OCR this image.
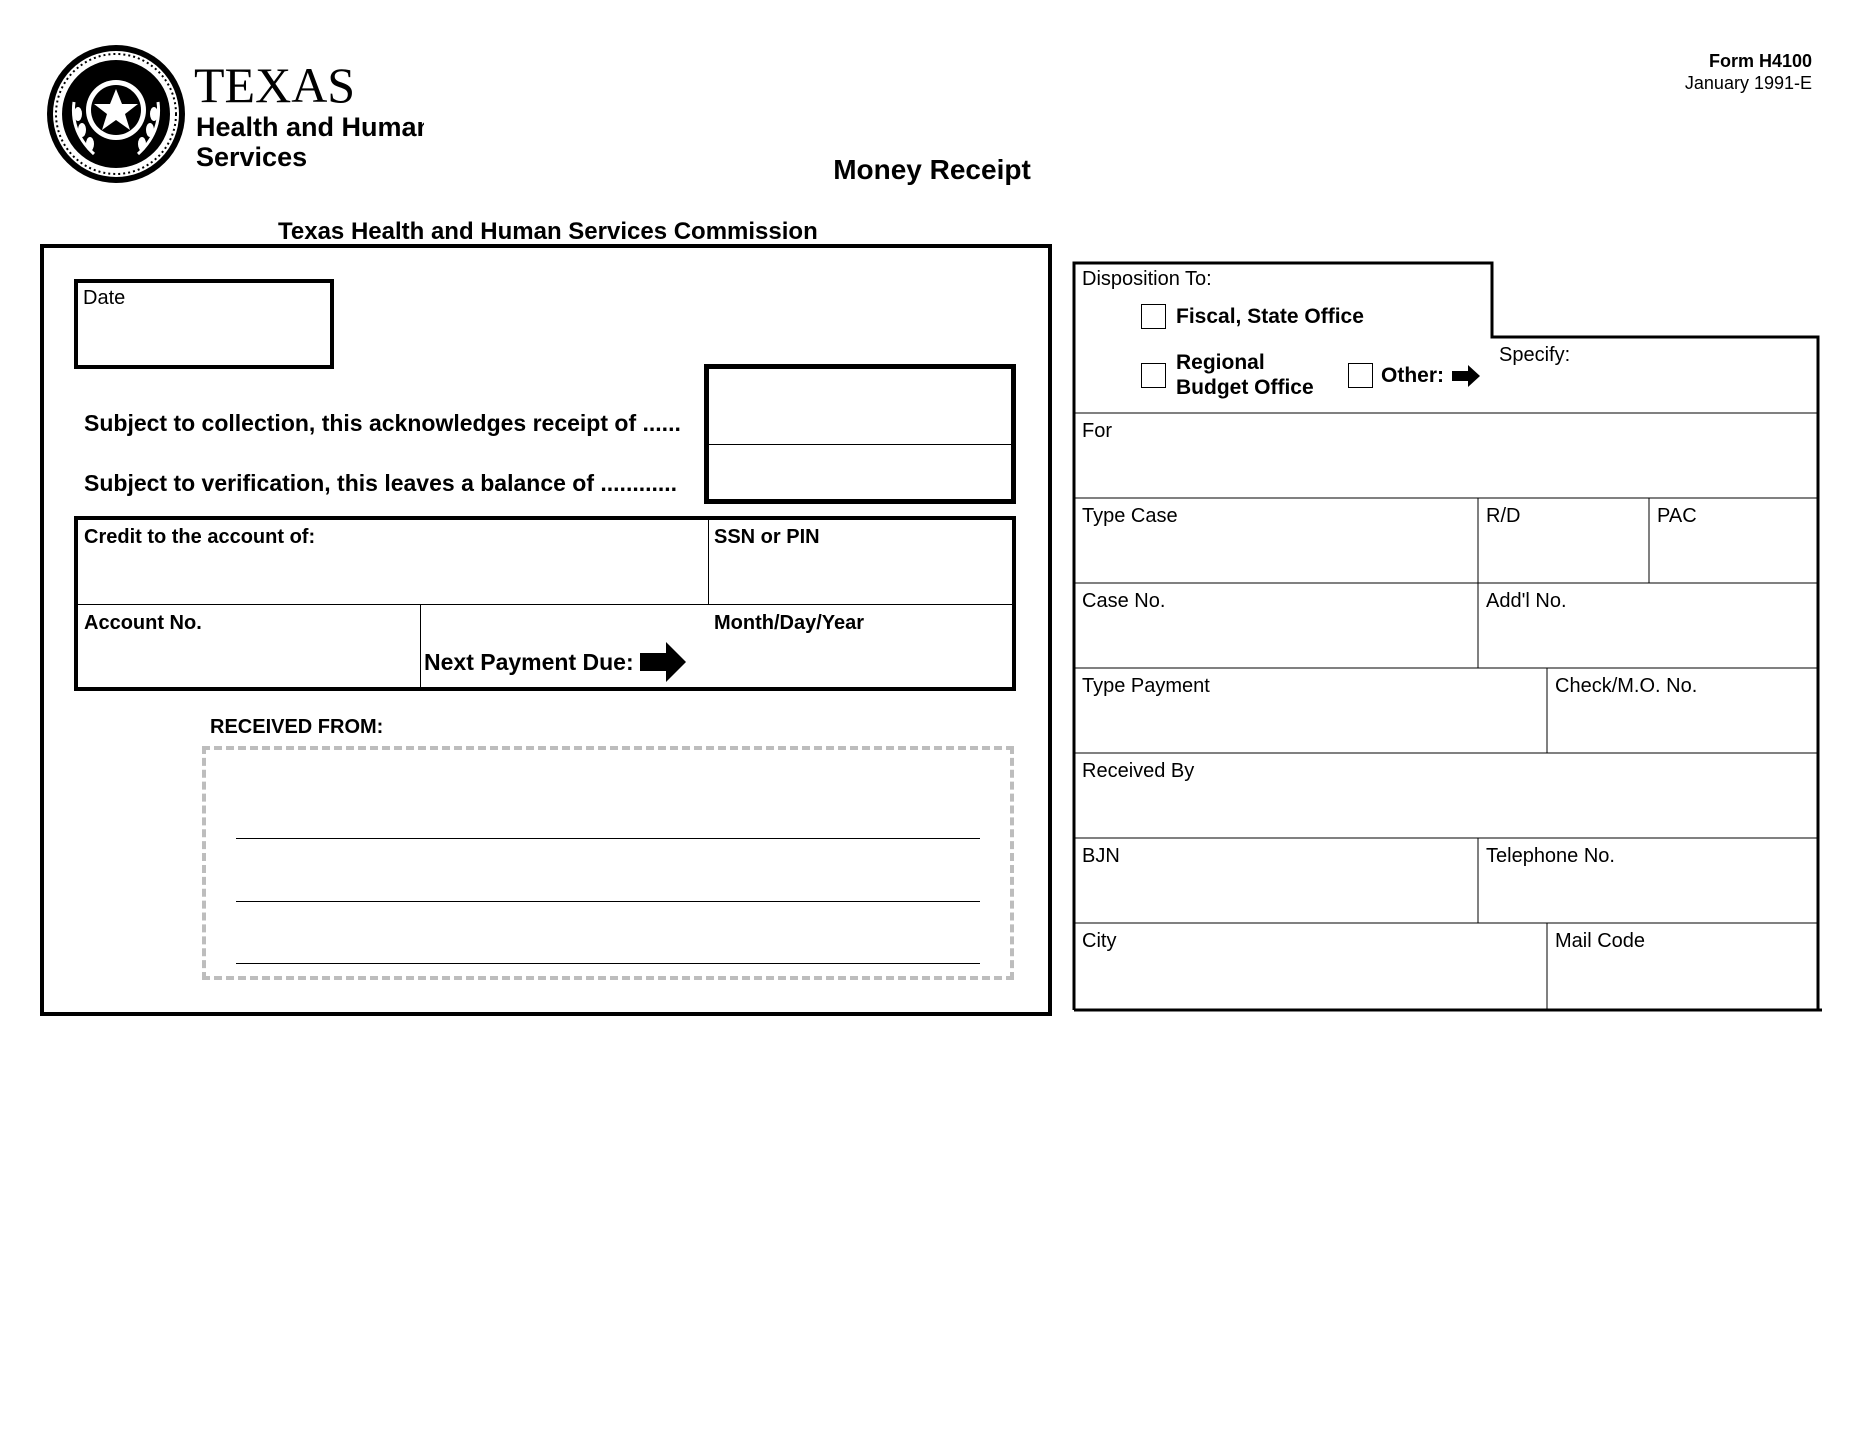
TEXAS
Health and Human
Services
Form H4100
January 1991-E
Money Receipt
Texas Health and Human Services Commission
Date
Subject to collection, this acknowledges receipt of ......
Subject to verification, this leaves a balance of ............
Credit to the account of:	SSN or PIN
Account No.	Month/Day/Year
Next Payment Due:
RECEIVED FROM:
Disposition To:
Fiscal, State Office
Regional
Budget Office
Other:
Specify:
For
Type Case	R/D	PAC
Case No.	Add'l No.
Type Payment	Check/M.O. No.
Received By
BJN	Telephone No.
City	Mail Code
